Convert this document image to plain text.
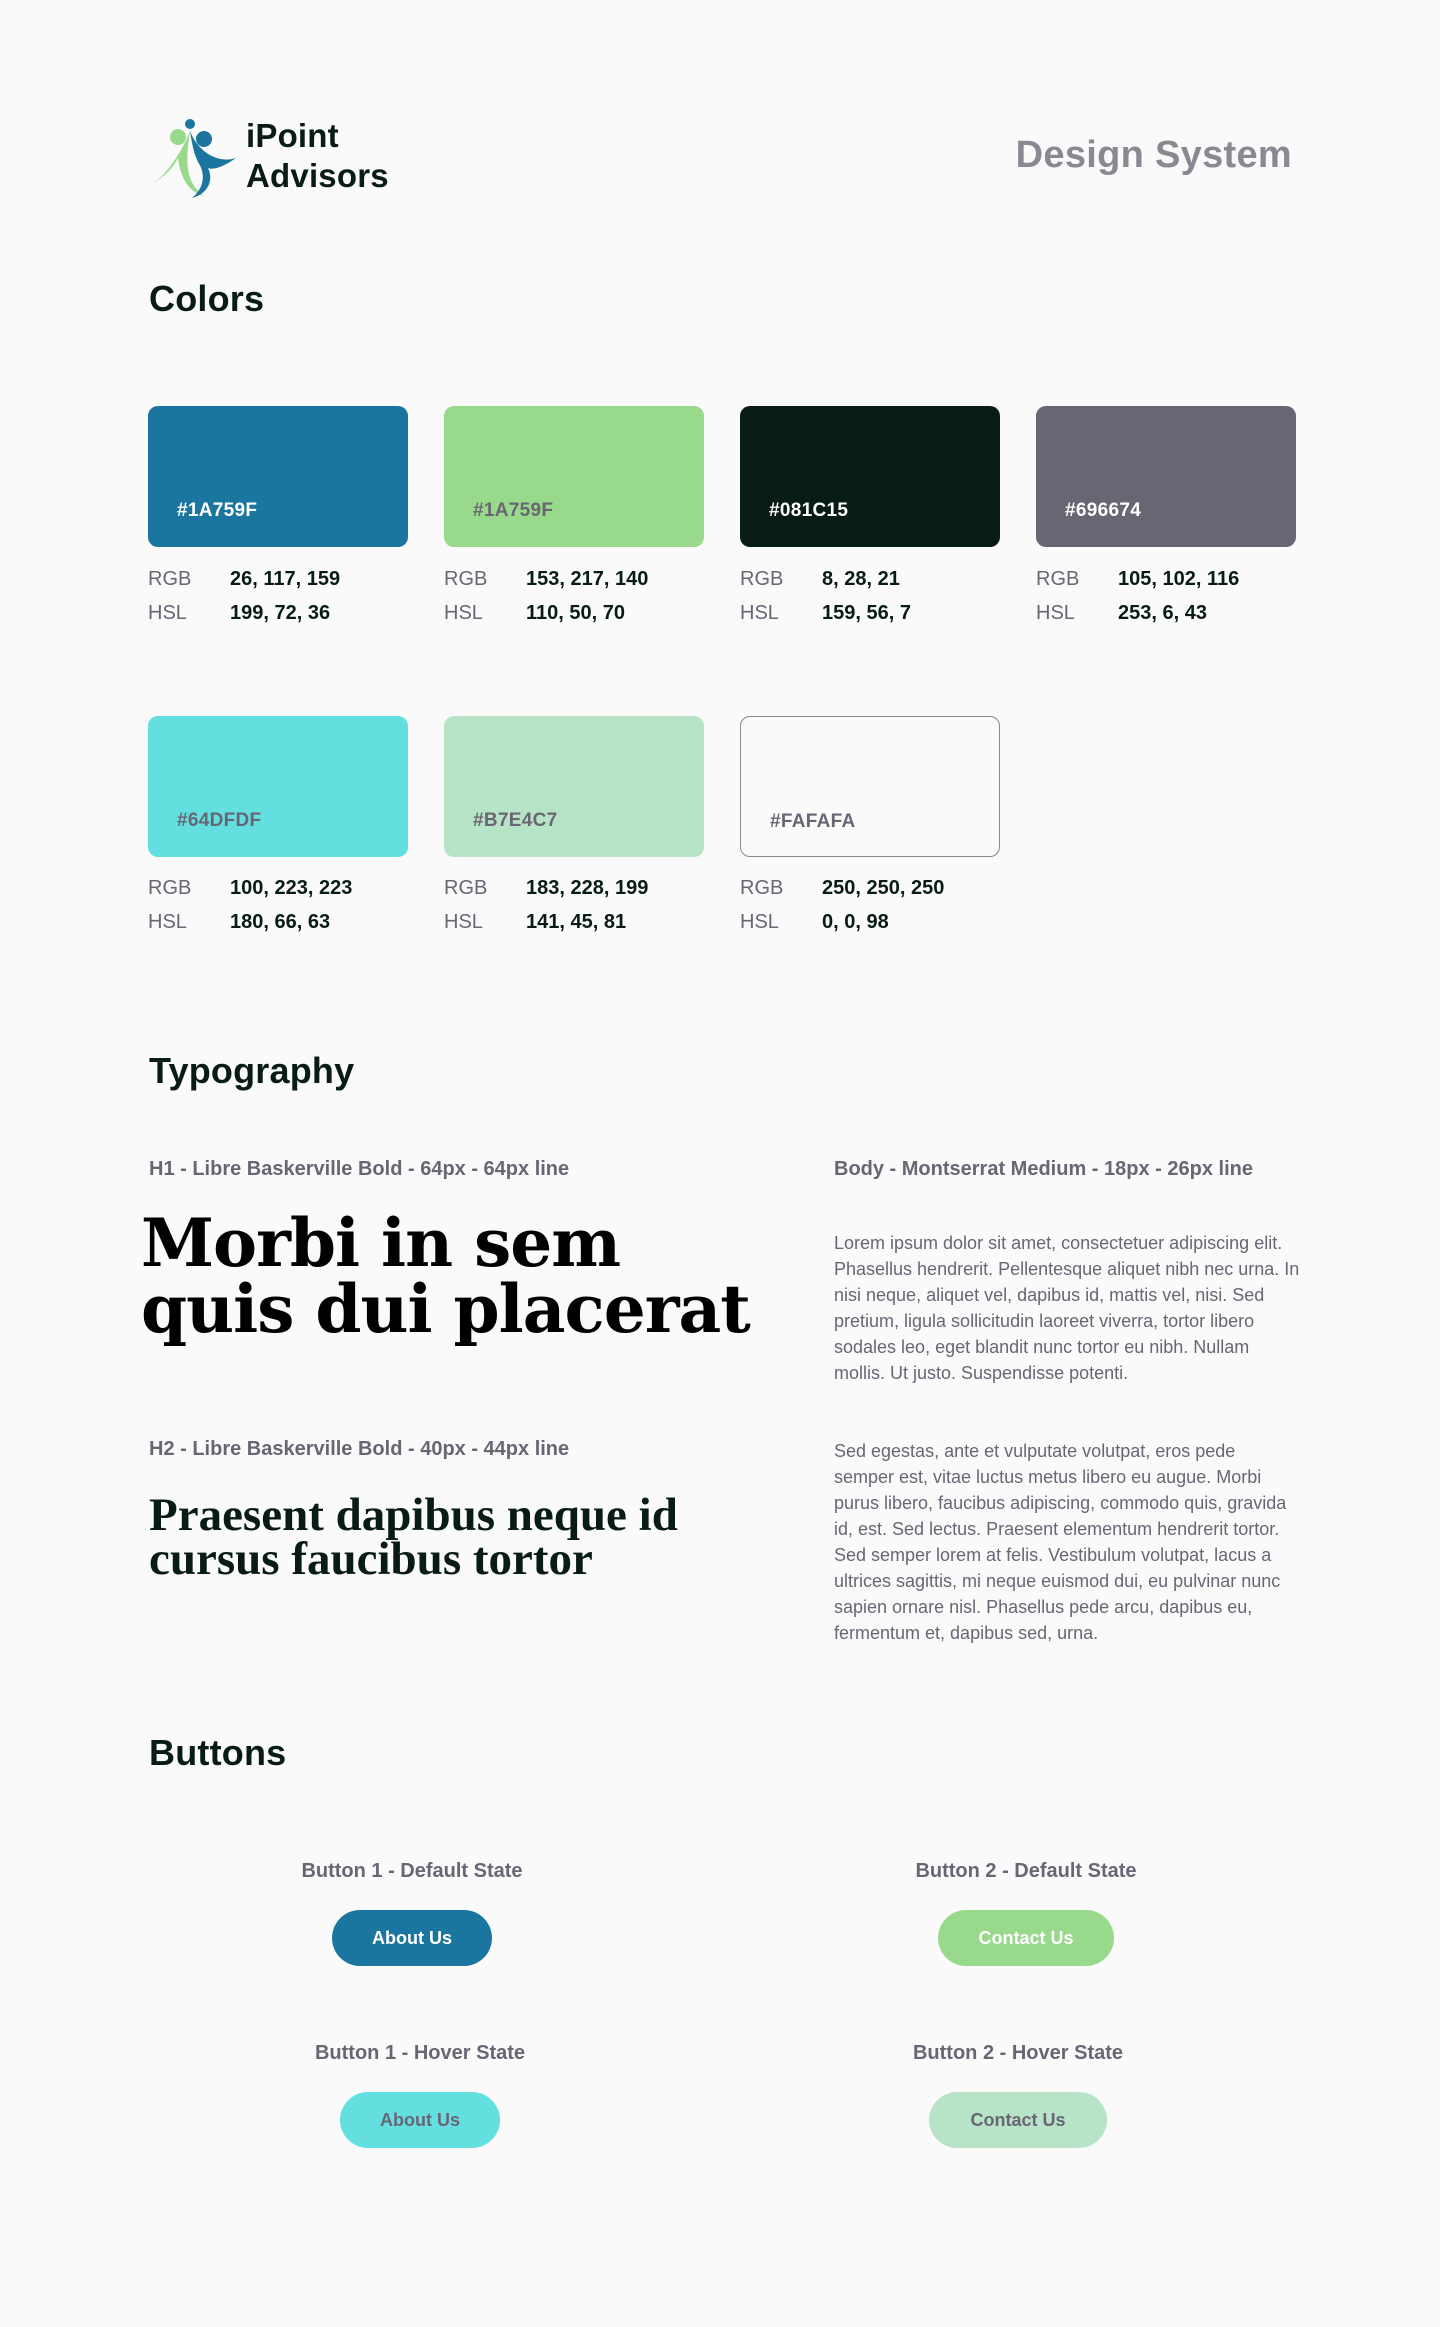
iPoint
Advisors	Design System
Colors
#1A759F
RGB 26, 117, 159
HSL 199, 72, 36
#1A759F
RGB 153, 217, 140
HSL 110, 50, 70
#081C15
RGB 8, 28, 21
HSL 159, 56, 7
#696674
RGB 105, 102, 116
HSL 253, 6, 43
#64DFDF
RGB 100, 223, 223
HSL 180, 66, 63
#B7E4C7
RGB 183, 228, 199
HSL 141, 45, 81
#FAFAFA
RGB 250, 250, 250
HSL 0, 0, 98
Typography
H1 - Libre Baskerville Bold - 64px - 64px line
Morbi in sem
quis dui placerat
H2 - Libre Baskerville Bold - 40px - 44px line
Praesent dapibus neque id
cursus faucibus tortor
Body - Montserrat Medium - 18px - 26px line
Lorem ipsum dolor sit amet, consectetuer adipiscing elit. Phasellus hendrerit. Pellentesque aliquet nibh nec urna. In nisi neque, aliquet vel, dapibus id, mattis vel, nisi. Sed pretium, ligula sollicitudin laoreet viverra, tortor libero sodales leo, eget blandit nunc tortor eu nibh. Nullam mollis. Ut justo. Suspendisse potenti.
Sed egestas, ante et vulputate volutpat, eros pede semper est, vitae luctus metus libero eu augue. Morbi purus libero, faucibus adipiscing, commodo quis, gravida id, est. Sed lectus. Praesent elementum hendrerit tortor. Sed semper lorem at felis. Vestibulum volutpat, lacus a ultrices sagittis, mi neque euismod dui, eu pulvinar nunc sapien ornare nisl. Phasellus pede arcu, dapibus eu, fermentum et, dapibus sed, urna.
Buttons
Button 1 - Default State
About Us
Button 2 - Default State
Contact Us
Button 1 - Hover State
About Us
Button 2 - Hover State
Contact Us
